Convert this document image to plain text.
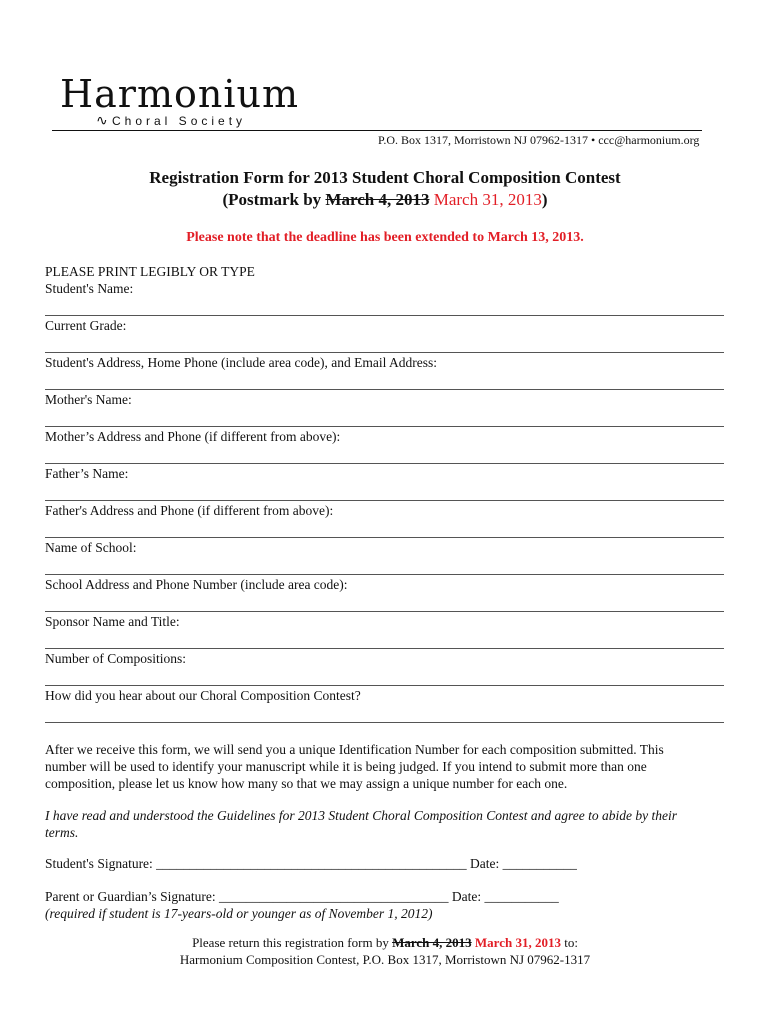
Harmonium
∿ Choral Society
P.O. Box 1317, Morristown NJ 07962-1317 • ccc@harmonium.org
Registration Form for 2013 Student Choral Composition Contest
(Postmark by March 4, 2013 March 31, 2013)
Please note that the deadline has been extended to March 13, 2013.
PLEASE PRINT LEGIBLY OR TYPE
Student's Name:
Current Grade:
Student's Address, Home Phone (include area code), and Email Address:
Mother's Name:
Mother’s Address and Phone (if different from above):
Father’s Name:
Father's Address and Phone (if different from above):
Name of School:
School Address and Phone Number (include area code):
Sponsor Name and Title:
Number of Compositions:
How did you hear about our Choral Composition Contest?
After we receive this form, we will send you a unique Identification Number for each composition submitted. This number will be used to identify your manuscript while it is being judged. If you intend to submit more than one composition, please let us know how many so that we may assign a unique number for each one.
I have read and understood the Guidelines for 2013 Student Choral Composition Contest and agree to abide by their terms.
Student's Signature: ______________________________________________ Date: ___________
Parent or Guardian’s Signature: __________________________________ Date: ___________
(required if student is 17-years-old or younger as of November 1, 2012)
Please return this registration form by March 4, 2013 March 31, 2013 to:
Harmonium Composition Contest, P.O. Box 1317, Morristown NJ 07962-1317
